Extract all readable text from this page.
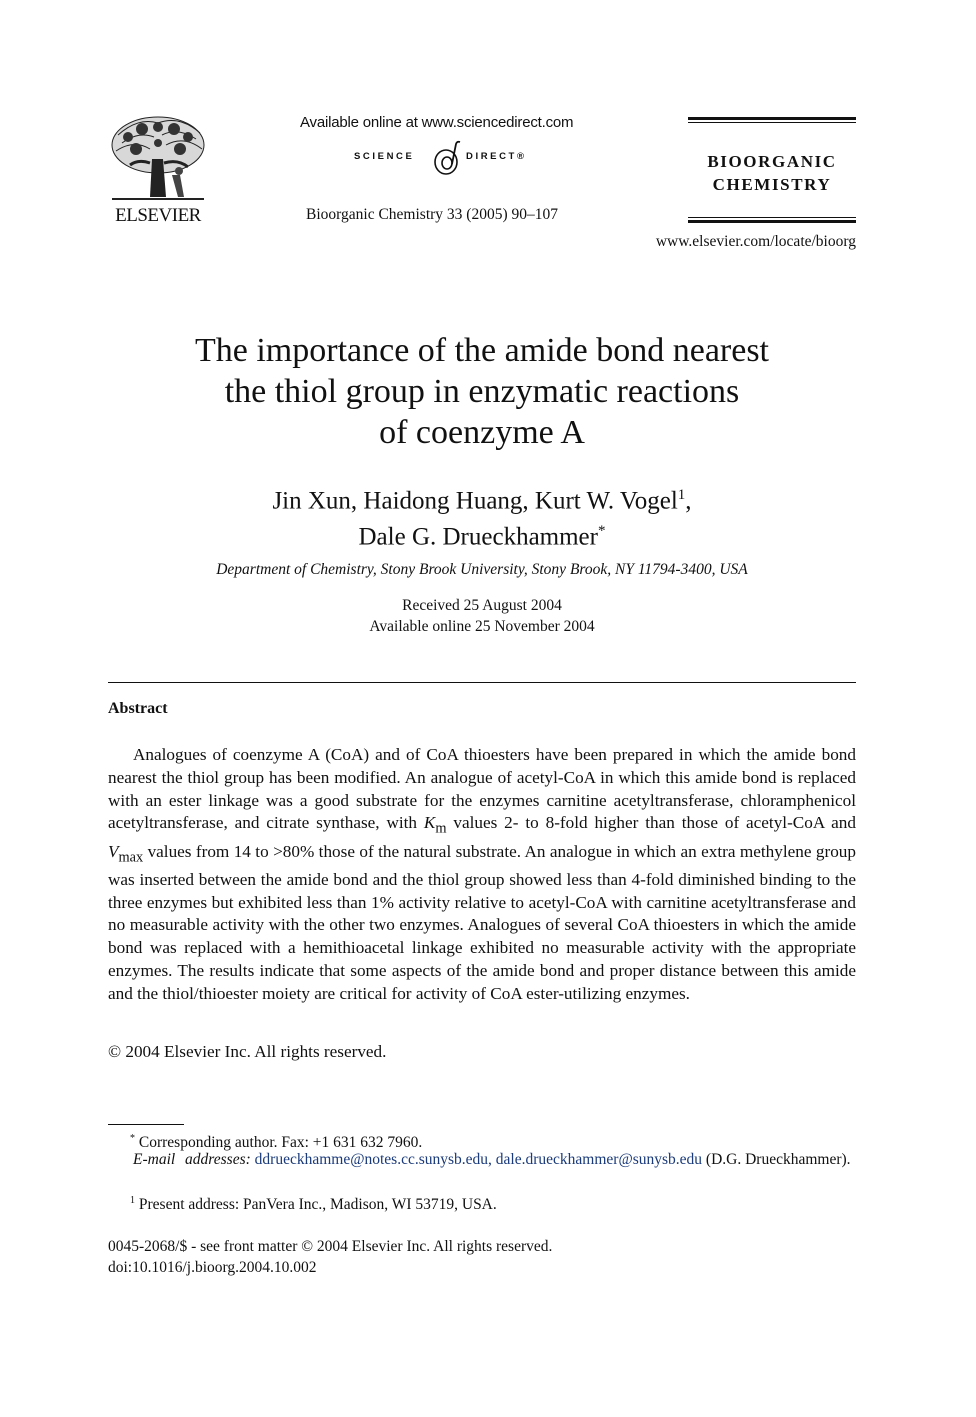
ELSEVIER
Available online at www.sciencedirect.com
SCIENCE	DIRECT®
Bioorganic Chemistry 33 (2005) 90–107
BIOORGANIC
CHEMISTRY
www.elsevier.com/locate/bioorg
The importance of the amide bond nearest
the thiol group in enzymatic reactions
of coenzyme A
Jin Xun, Haidong Huang, Kurt W. Vogel$^1$,
Dale G. Drueckhammer*
Department of Chemistry, Stony Brook University, Stony Brook, NY 11794-3400, USA
Received 25 August 2004
Available online 25 November 2004
Abstract
Analogues of coenzyme A (CoA) and of CoA thioesters have been prepared in which the amide bond nearest the thiol group has been modified. An analogue of acetyl-CoA in which this amide bond is replaced with an ester linkage was a good substrate for the enzymes carnitine acetyltransferase, chloramphenicol acetyltransferase, and citrate synthase, with $K_m$ values 2- to 8-fold higher than those of acetyl-CoA and $V_{max}$ values from 14 to >80% those of the natural substrate. An analogue in which an extra methylene group was inserted between the amide bond and the thiol group showed less than 4-fold diminished binding to the three enzymes but exhibited less than 1% activity relative to acetyl-CoA with carnitine acetyltransferase and no measurable activity with the other two enzymes. Analogues of several CoA thioesters in which the amide bond was replaced with a hemithioacetal linkage exhibited no measurable activity with the appropriate enzymes. The results indicate that some aspects of the amide bond and proper distance between this amide and the thiol/thioester moiety are critical for activity of CoA ester-utilizing enzymes.
© 2004 Elsevier Inc. All rights reserved.
* Corresponding author. Fax: +1 631 632 7960.
E-mail addresses: ddrueckhamme@notes.cc.sunysb.edu, dale.drueckhammer@sunysb.edu (D.G. Drueckhammer).
$^1$ Present address: PanVera Inc., Madison, WI 53719, USA.
0045-2068/$ - see front matter © 2004 Elsevier Inc. All rights reserved.
doi:10.1016/j.bioorg.2004.10.002
